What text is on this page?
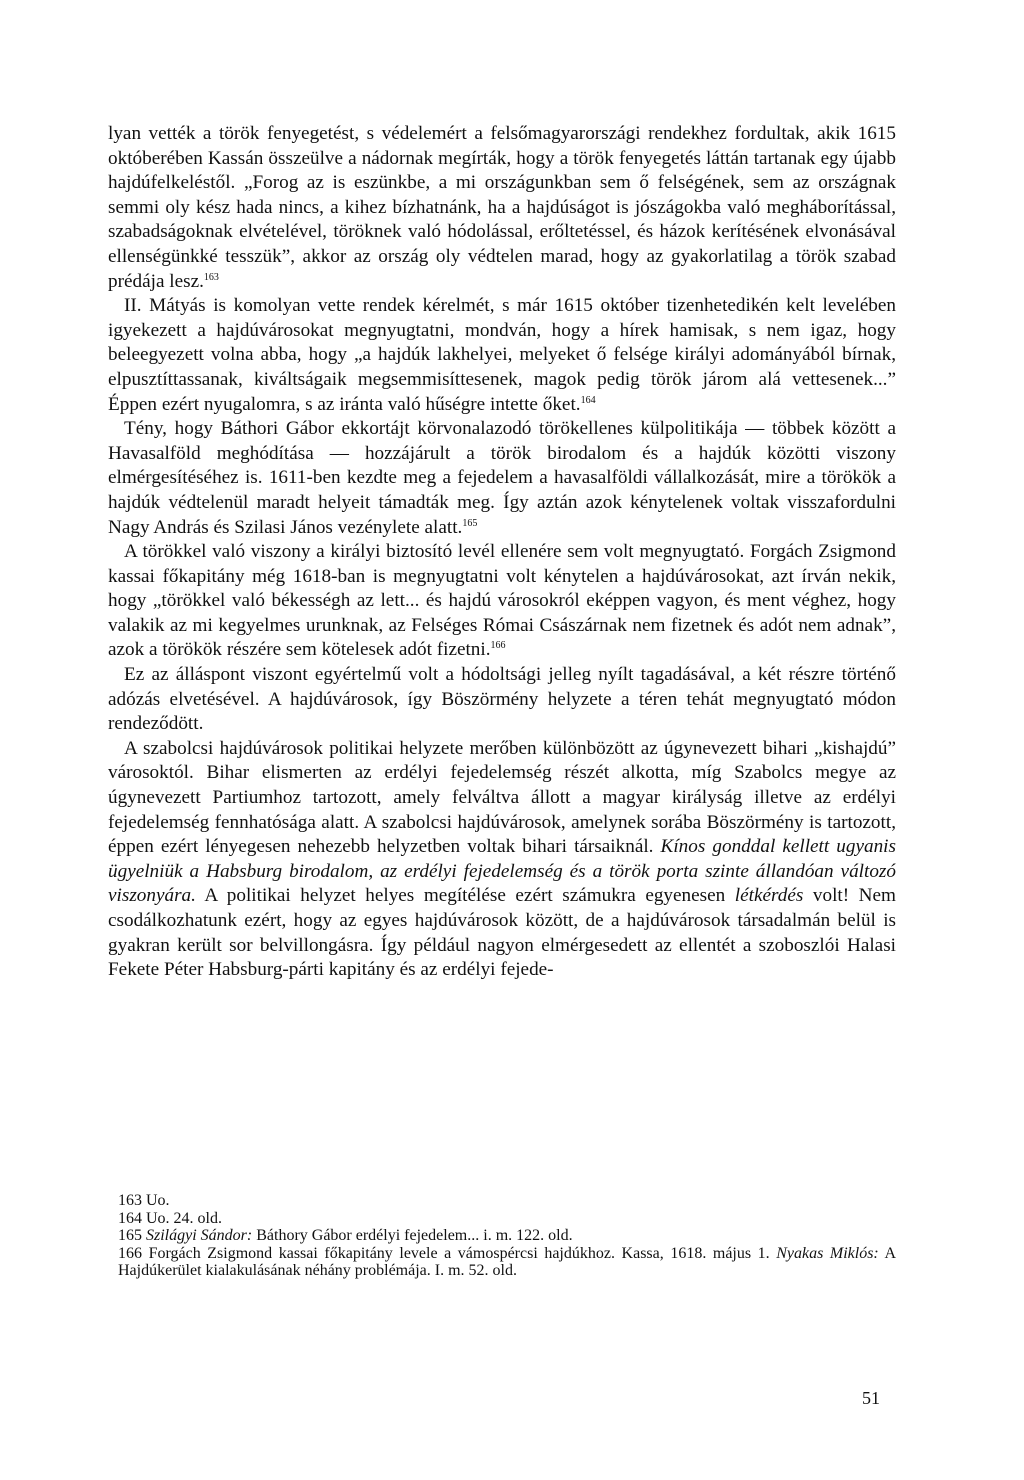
lyan vették a török fenyegetést, s védelemért a felsőmagyarországi rendekhez fordultak, akik 1615 októberében Kassán összeülve a nádornak megírták, hogy a török fenyegetés láttán tartanak egy újabb hajdúfelkeléstől. „Forog az is eszünkbe, a mi országunkban sem ő felségének, sem az országnak semmi oly kész hada nincs, a kihez bízhatnánk, ha a hajdúságot is jószágokba való megháborítással, szabadságoknak elvételével, töröknek való hódolással, erőltetéssel, és házok kerítésének elvonásával ellenségünkké tesszük”, akkor az ország oly védtelen marad, hogy az gyakorlatilag a török szabad prédája lesz.$^{163}$

II. Mátyás is komolyan vette rendek kérelmét, s már 1615 október tizenhetedikén kelt levelében igyekezett a hajdúvárosokat megnyugtatni, mondván, hogy a hírek hamisak, s nem igaz, hogy beleegyezett volna abba, hogy „a hajdúk lakhelyei, melyeket ő felsége királyi adományából bírnak, elpusztíttassanak, kiváltságaik megsemmisíttesenek, magok pedig török járom alá vettesenek...” Éppen ezért nyugalomra, s az iránta való hűségre intette őket.$^{164}$

Tény, hogy Báthori Gábor ekkortájt körvonalazodó törökellenes külpolitikája — többek között a Havasalföld meghódítása — hozzájárult a török birodalom és a hajdúk közötti viszony elmérgesítéséhez is. 1611-ben kezdte meg a fejedelem a havasalföldi vállalkozását, mire a törökök a hajdúk védtelenül maradt helyeit támadták meg. Így aztán azok kénytelenek voltak visszafordulni Nagy András és Szilasi János vezénylete alatt.$^{165}$

A törökkel való viszony a királyi biztosító levél ellenére sem volt megnyugtató. Forgách Zsigmond kassai főkapitány még 1618-ban is megnyugtatni volt kénytelen a hajdúvárosokat, azt írván nekik, hogy „törökkel való békességh az lett... és hajdú városokról eképpen vagyon, és ment véghez, hogy valakik az mi kegyelmes urunknak, az Felséges Római Császárnak nem fizetnek és adót nem adnak”, azok a törökök részére sem kötelesek adót fizetni.$^{166}$

Ez az álláspont viszont egyértelmű volt a hódoltsági jelleg nyílt tagadásával, a két részre történő adózás elvetésével. A hajdúvárosok, így Böszörmény helyzete a téren tehát megnyugtató módon rendeződött.

A szabolcsi hajdúvárosok politikai helyzete merőben különbözött az úgynevezett bihari „kishajdú” városoktól. Bihar elismerten az erdélyi fejedelemség részét alkotta, míg Szabolcs megye az úgynevezett Partiumhoz tartozott, amely felváltva állott a magyar királyság illetve az erdélyi fejedelemség fennhatósága alatt. A szabolcsi hajdúvárosok, amelynek sorába Böszörmény is tartozott, éppen ezért lényegesen nehezebb helyzetben voltak bihari társaiknál. Kínos gonddal kellett ugyanis ügyelniük a Habsburg birodalom, az erdélyi fejedelemség és a török porta szinte állandóan változó viszonyára. A politikai helyzet helyes megítélése ezért számukra egyenesen létkérdés volt! Nem csodálkozhatunk ezért, hogy az egyes hajdúvárosok között, de a hajdúvárosok társadalmán belül is gyakran került sor belvillongásra. Így például nagyon elmérgesedett az ellentét a szoboszlói Halasi Fekete Péter Habsburg-párti kapitány és az erdélyi fejede-

163 Uo.

164 Uo. 24. old.

165 Szilágyi Sándor: Báthory Gábor erdélyi fejedelem... i. m. 122. old.

166 Forgách Zsigmond kassai főkapitány levele a vámospércsi hajdúkhoz. Kassa, 1618. május 1. Nyakas Miklós: A Hajdúkerület kialakulásának néhány problémája. I. m. 52. old.

51
